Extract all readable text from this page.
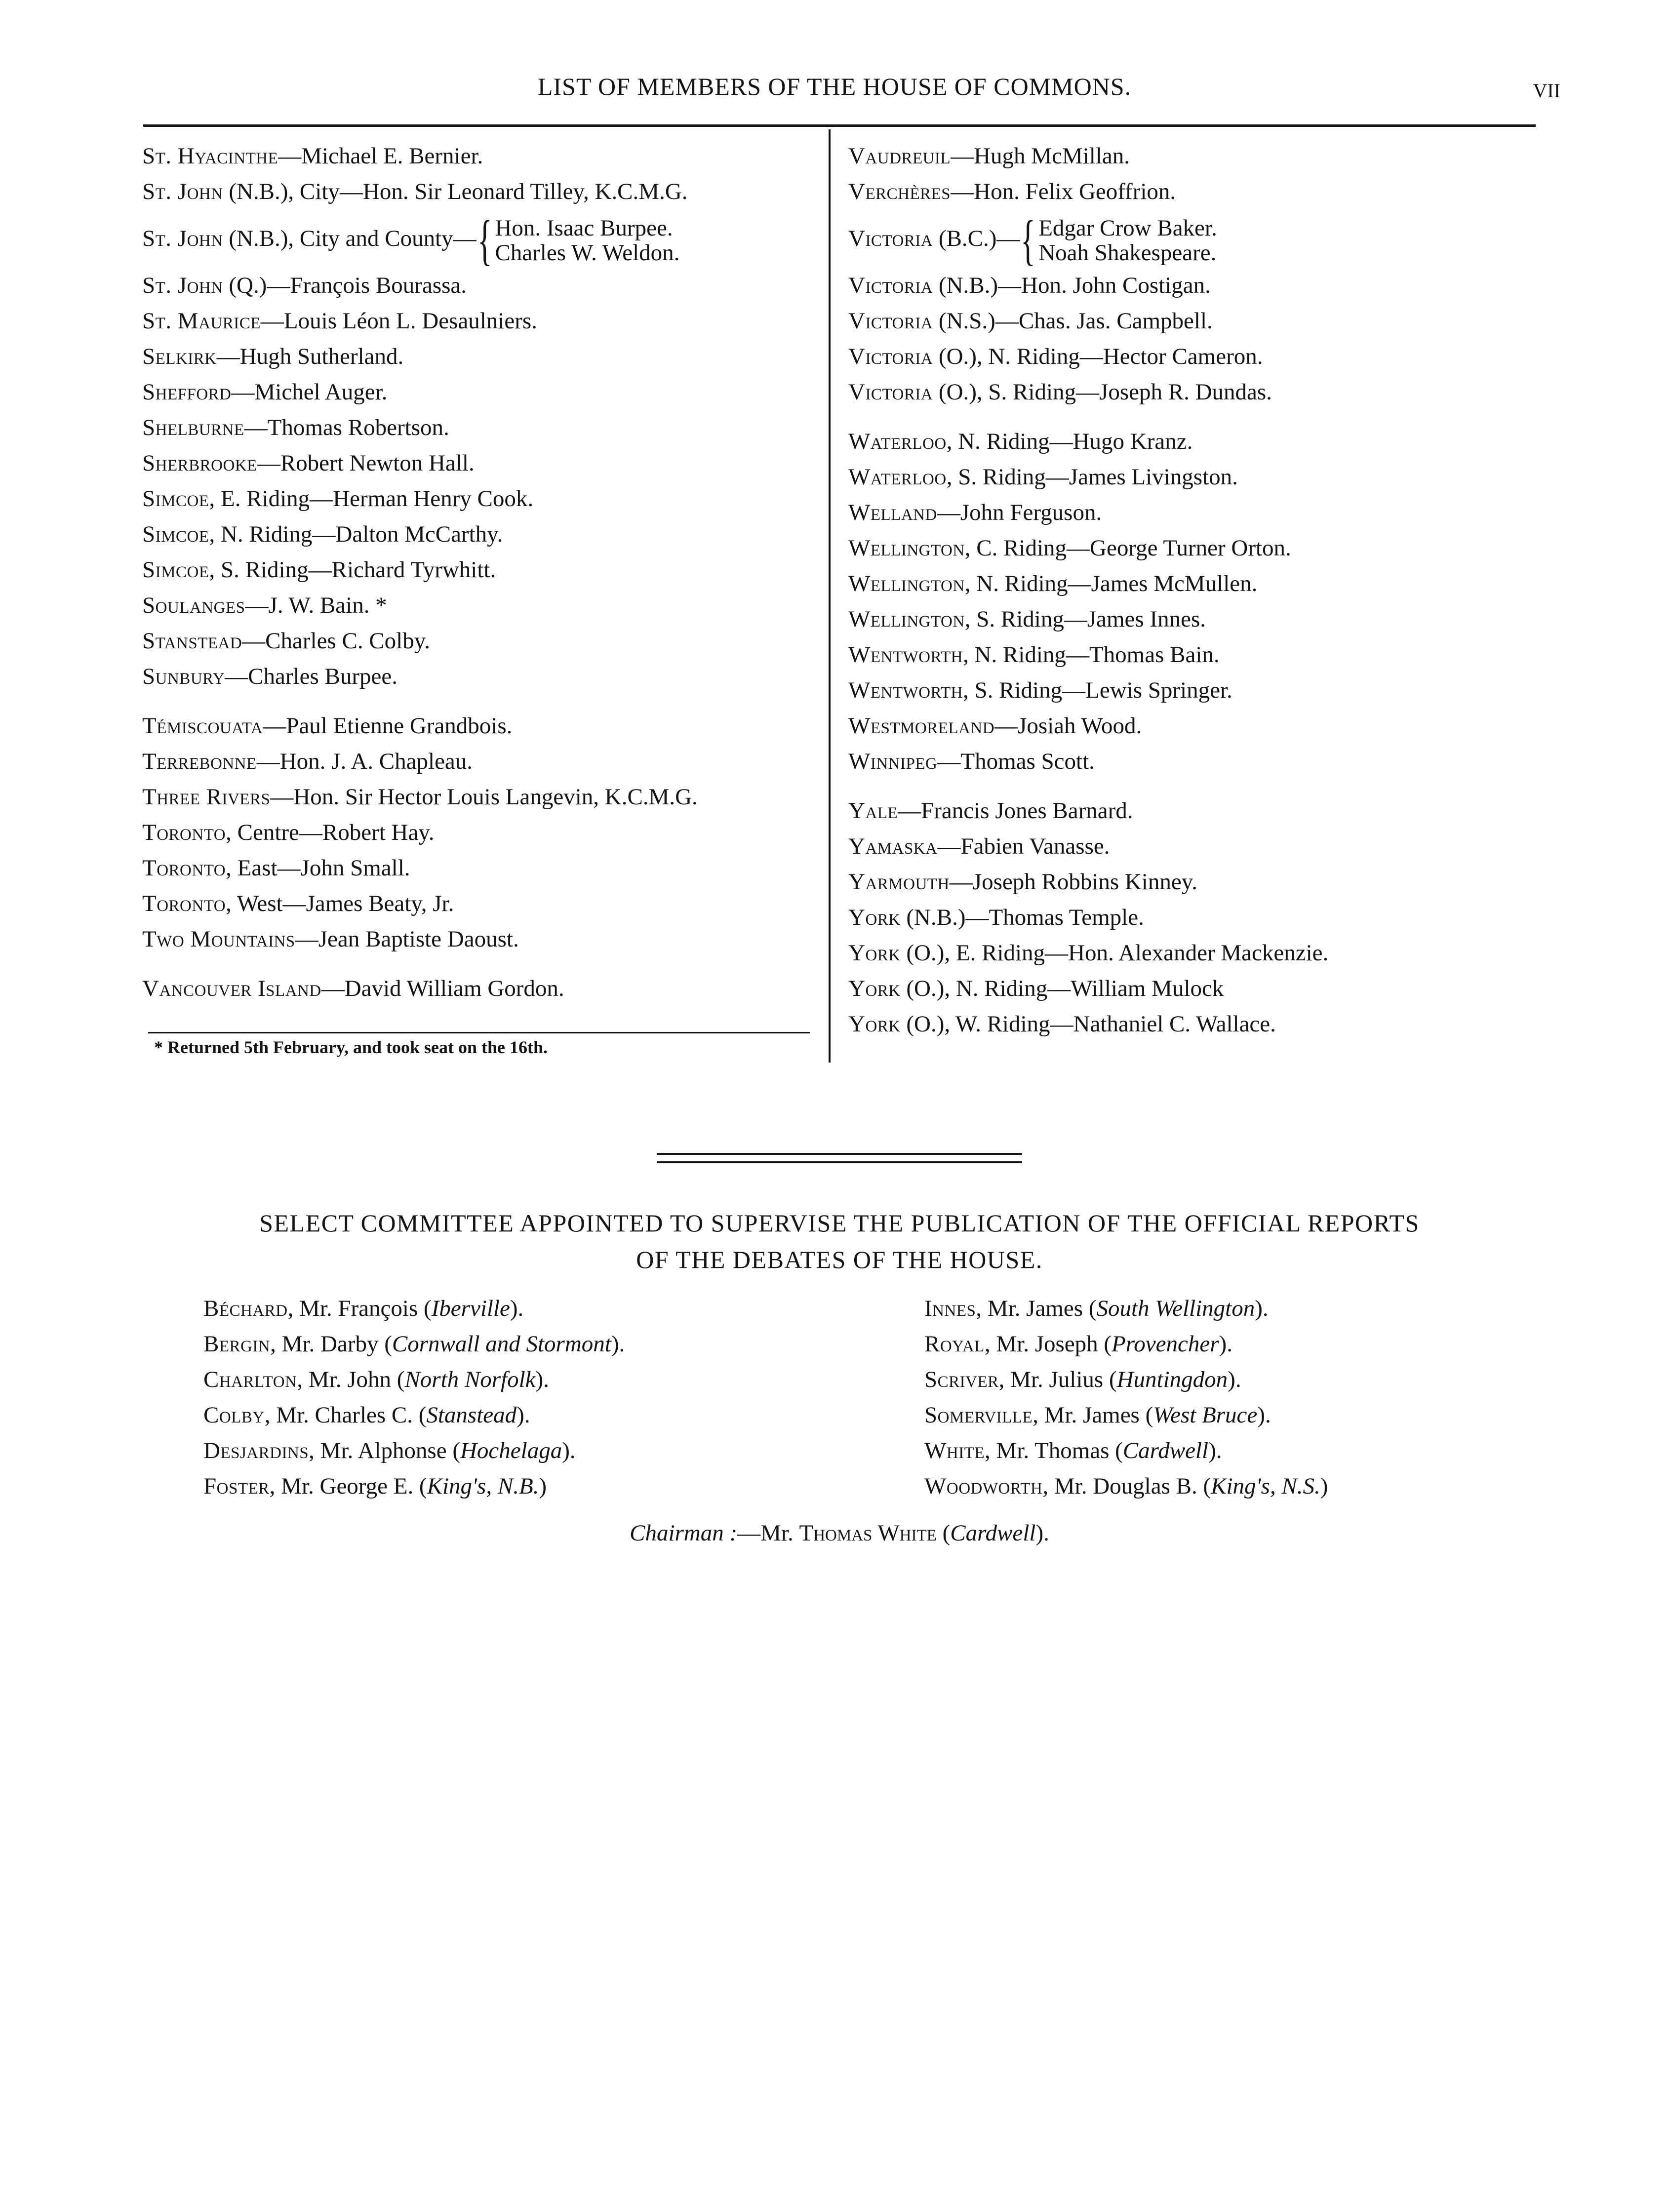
LIST OF MEMBERS OF THE HOUSE OF COMMONS.	VII
St. Hyacinthe—Michael E. Bernier.
St. John (N.B.), City—Hon. Sir Leonard Tilley, K.C.M.G.
St. John (N.B.), City and County— { Hon. Isaac Burpee.
Charles W. Weldon.
St. John (Q.)—François Bourassa.
St. Maurice—Louis Léon L. Desaulniers.
Selkirk—Hugh Sutherland.
Shefford—Michel Auger.
Shelburne—Thomas Robertson.
Sherbrooke—Robert Newton Hall.
Simcoe, E. Riding—Herman Henry Cook.
Simcoe, N. Riding—Dalton McCarthy.
Simcoe, S. Riding—Richard Tyrwhitt.
Soulanges—J. W. Bain. *
Stanstead—Charles C. Colby.
Sunbury—Charles Burpee.
Témiscouata—Paul Etienne Grandbois.
Terrebonne—Hon. J. A. Chapleau.
Three Rivers—Hon. Sir Hector Louis Langevin, K.C.M.G.
Toronto, Centre—Robert Hay.
Toronto, East—John Small.
Toronto, West—James Beaty, Jr.
Two Mountains—Jean Baptiste Daoust.
Vancouver Island—David William Gordon.
Vaudreuil—Hugh McMillan.
Verchères—Hon. Felix Geoffrion.
Victoria (B.C.)— { Edgar Crow Baker.
Noah Shakespeare.
Victoria (N.B.)—Hon. John Costigan.
Victoria (N.S.)—Chas. Jas. Campbell.
Victoria (O.), N. Riding—Hector Cameron.
Victoria (O.), S. Riding—Joseph R. Dundas.
Waterloo, N. Riding—Hugo Kranz.
Waterloo, S. Riding—James Livingston.
Welland—John Ferguson.
Wellington, C. Riding—George Turner Orton.
Wellington, N. Riding—James McMullen.
Wellington, S. Riding—James Innes.
Wentworth, N. Riding—Thomas Bain.
Wentworth, S. Riding—Lewis Springer.
Westmoreland—Josiah Wood.
Winnipeg—Thomas Scott.
Yale—Francis Jones Barnard.
Yamaska—Fabien Vanasse.
Yarmouth—Joseph Robbins Kinney.
York (N.B.)—Thomas Temple.
York (O.), E. Riding—Hon. Alexander Mackenzie.
York (O.), N. Riding—William Mulock
York (O.), W. Riding—Nathaniel C. Wallace.
* Returned 5th February, and took seat on the 16th.
SELECT COMMITTEE APPOINTED TO SUPERVISE THE PUBLICATION OF THE OFFICIAL REPORTS
OF THE DEBATES OF THE HOUSE.
Béchard, Mr. François (Iberville).
Bergin, Mr. Darby (Cornwall and Stormont).
Charlton, Mr. John (North Norfolk).
Colby, Mr. Charles C. (Stanstead).
Desjardins, Mr. Alphonse (Hochelaga).
Foster, Mr. George E. (King's, N.B.)
Innes, Mr. James (South Wellington).
Royal, Mr. Joseph (Provencher).
Scriver, Mr. Julius (Huntingdon).
Somerville, Mr. James (West Bruce).
White, Mr. Thomas (Cardwell).
Woodworth, Mr. Douglas B. (King's, N.S.)
Chairman :—Mr. Thomas White (Cardwell).
